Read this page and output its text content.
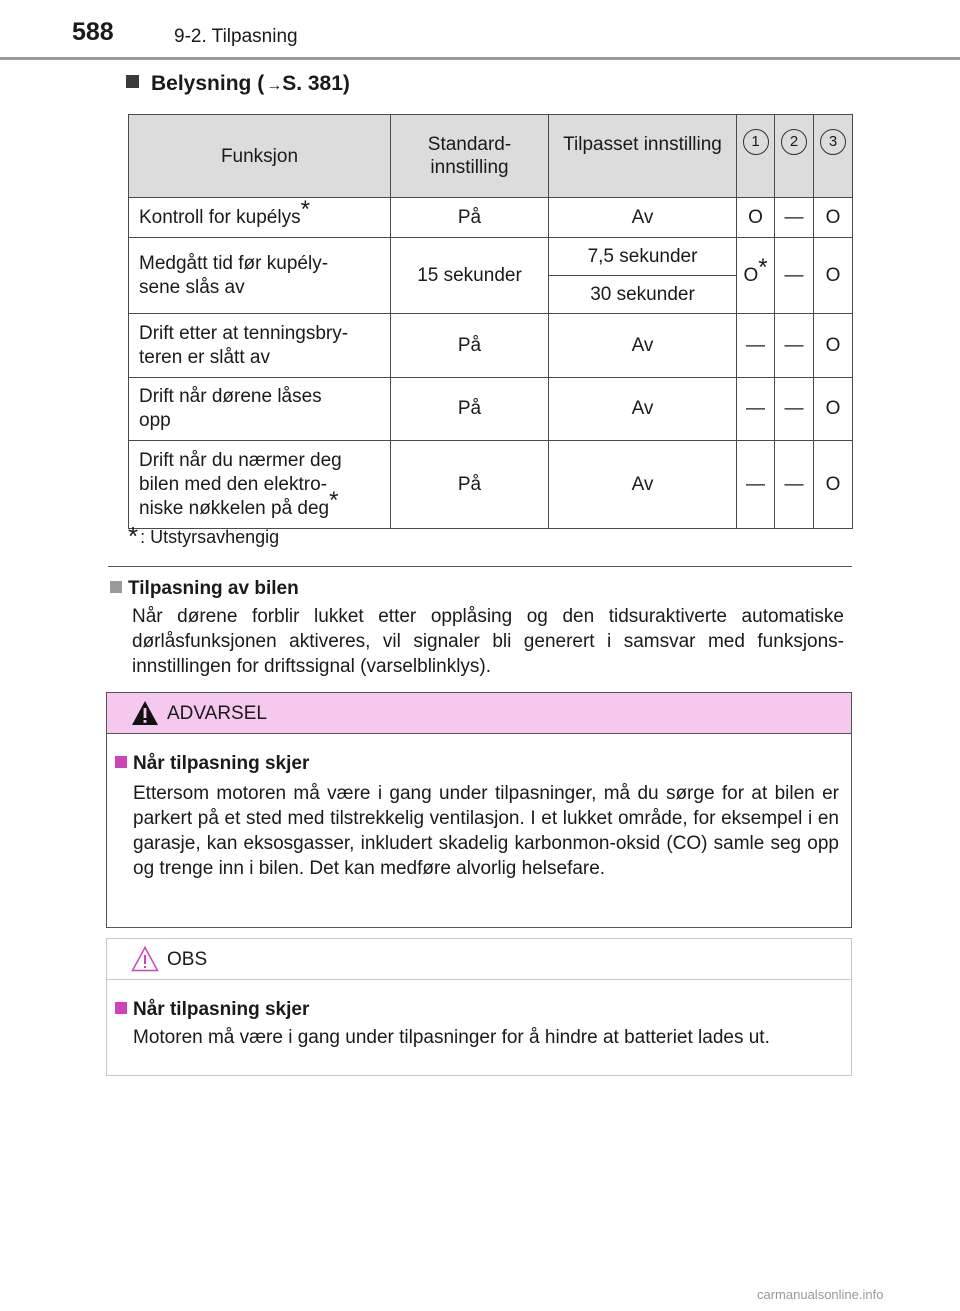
588	9-2. Tilpasning
Belysning ( →S. 381)
Funksjon	Standard-
innstilling	Tilpasset innstilling	1	2	3
Kontroll for kupélys*	På	Av	O	—	O
Medgått tid før kupély-
sene slås av	15 sekunder	7,5 sekunder	O*	—	O
		30 sekunder			
Drift etter at tenningsbry-
teren er slått av	På	Av	—	—	O
Drift når dørene låses
opp	På	Av	—	—	O
Drift når du nærmer deg
bilen med den elektro-
niske nøkkelen på deg*	På	Av	—	—	O
* : Utstyrsavhengig
Tilpasning av bilen
Når dørene forblir lukket etter opplåsing og den tidsuraktiverte automatiske dørlåsfunksjonen aktiveres, vil signaler bli generert i samsvar med funksjons-innstillingen for driftssignal (varselblinklys).
ADVARSEL
Når tilpasning skjer
Ettersom motoren må være i gang under tilpasninger, må du sørge for at bilen er parkert på et sted med tilstrekkelig ventilasjon. I et lukket område, for eksempel i en garasje, kan eksosgasser, inkludert skadelig karbonmon-oksid (CO) samle seg opp og trenge inn i bilen. Det kan medføre alvorlig helsefare.
OBS
Når tilpasning skjer
Motoren må være i gang under tilpasninger for å hindre at batteriet lades ut.
carmanualsonline.info
